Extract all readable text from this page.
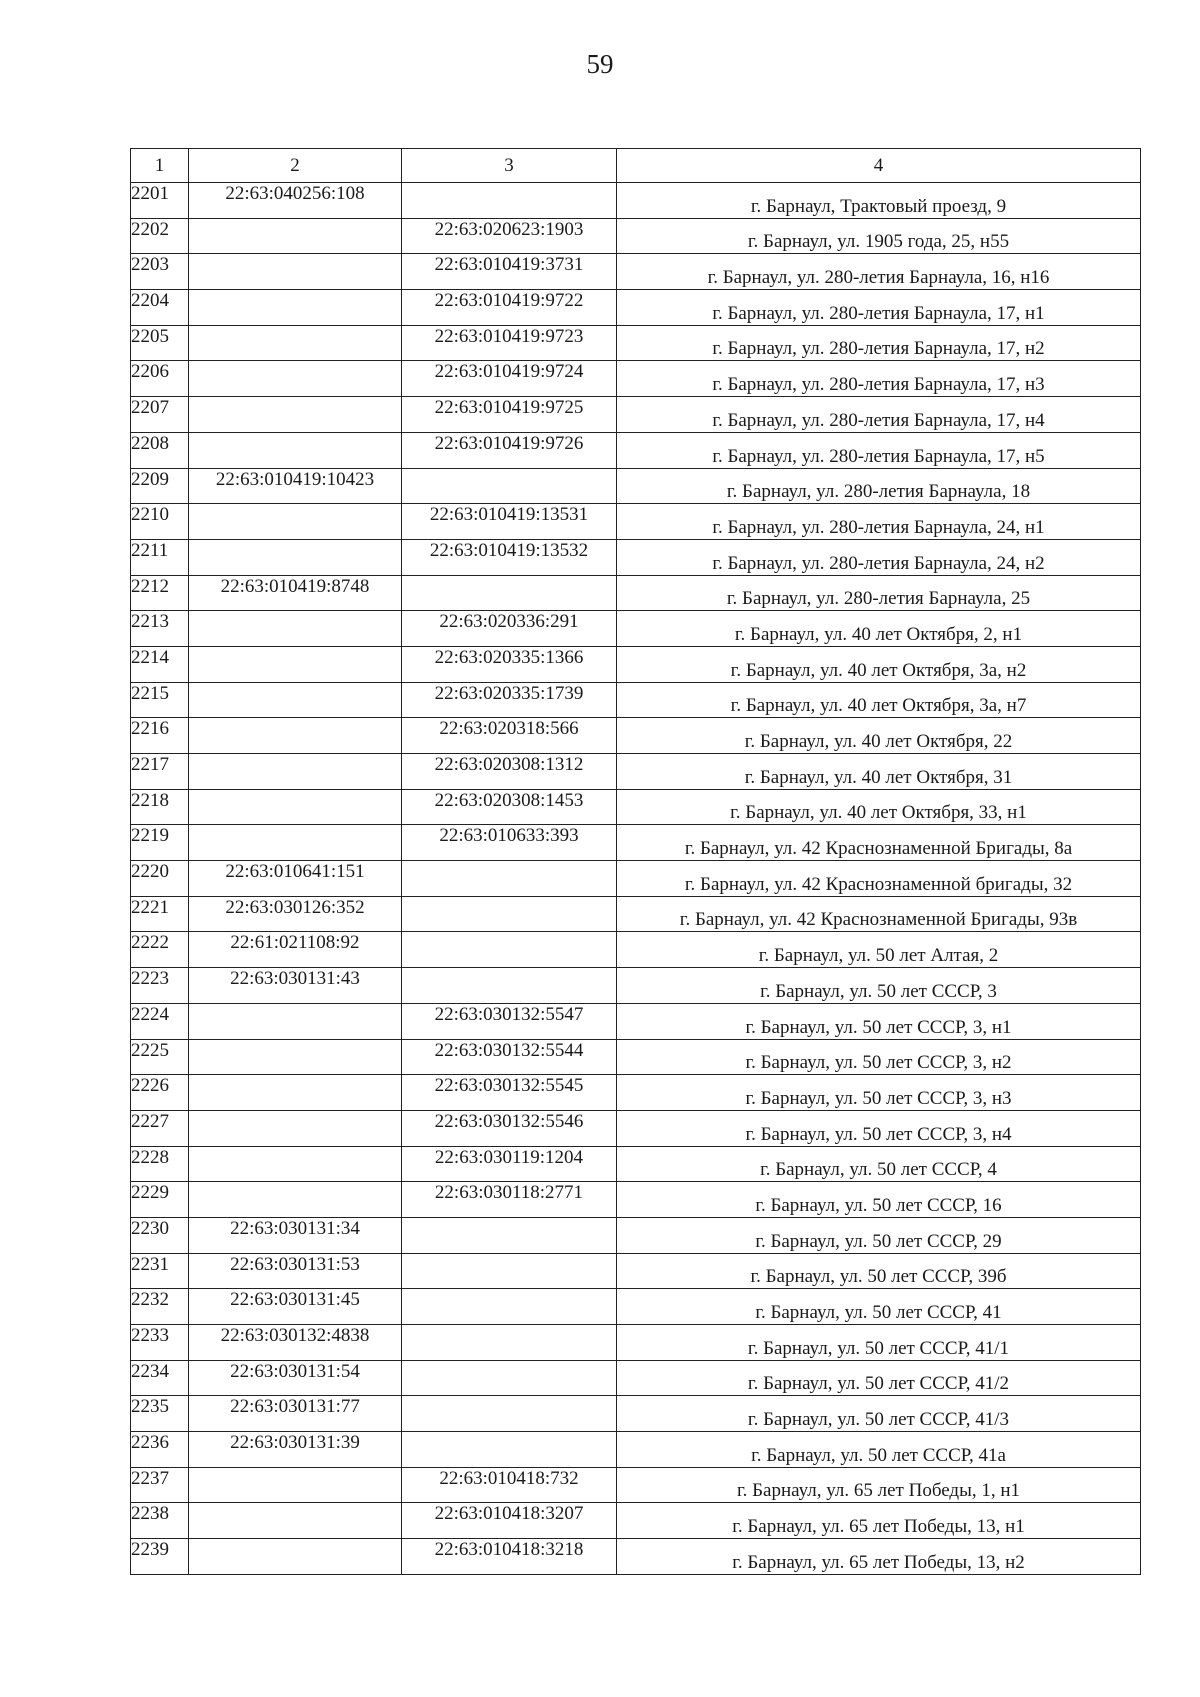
59
1	2	3	4
2201	22:63:040256:108		г. Барнаул, Трактовый проезд, 9
2202		22:63:020623:1903	г. Барнаул, ул. 1905 года, 25, н55
2203		22:63:010419:3731	г. Барнаул, ул. 280-летия Барнаула, 16, н16
2204		22:63:010419:9722	г. Барнаул, ул. 280-летия Барнаула, 17, н1
2205		22:63:010419:9723	г. Барнаул, ул. 280-летия Барнаула, 17, н2
2206		22:63:010419:9724	г. Барнаул, ул. 280-летия Барнаула, 17, н3
2207		22:63:010419:9725	г. Барнаул, ул. 280-летия Барнаула, 17, н4
2208		22:63:010419:9726	г. Барнаул, ул. 280-летия Барнаула, 17, н5
2209	22:63:010419:10423		г. Барнаул, ул. 280-летия Барнаула, 18
2210		22:63:010419:13531	г. Барнаул, ул. 280-летия Барнаула, 24, н1
2211		22:63:010419:13532	г. Барнаул, ул. 280-летия Барнаула, 24, н2
2212	22:63:010419:8748		г. Барнаул, ул. 280-летия Барнаула, 25
2213		22:63:020336:291	г. Барнаул, ул. 40 лет Октября, 2, н1
2214		22:63:020335:1366	г. Барнаул, ул. 40 лет Октября, 3а, н2
2215		22:63:020335:1739	г. Барнаул, ул. 40 лет Октября, 3а, н7
2216		22:63:020318:566	г. Барнаул, ул. 40 лет Октября, 22
2217		22:63:020308:1312	г. Барнаул, ул. 40 лет Октября, 31
2218		22:63:020308:1453	г. Барнаул, ул. 40 лет Октября, 33, н1
2219		22:63:010633:393	г. Барнаул, ул. 42 Краснознаменной Бригады, 8а
2220	22:63:010641:151		г. Барнаул, ул. 42 Краснознаменной бригады, 32
2221	22:63:030126:352		г. Барнаул, ул. 42 Краснознаменной Бригады, 93в
2222	22:61:021108:92		г. Барнаул, ул. 50 лет Алтая, 2
2223	22:63:030131:43		г. Барнаул, ул. 50 лет СССР, 3
2224		22:63:030132:5547	г. Барнаул, ул. 50 лет СССР, 3, н1
2225		22:63:030132:5544	г. Барнаул, ул. 50 лет СССР, 3, н2
2226		22:63:030132:5545	г. Барнаул, ул. 50 лет СССР, 3, н3
2227		22:63:030132:5546	г. Барнаул, ул. 50 лет СССР, 3, н4
2228		22:63:030119:1204	г. Барнаул, ул. 50 лет СССР, 4
2229		22:63:030118:2771	г. Барнаул, ул. 50 лет СССР, 16
2230	22:63:030131:34		г. Барнаул, ул. 50 лет СССР, 29
2231	22:63:030131:53		г. Барнаул, ул. 50 лет СССР, 39б
2232	22:63:030131:45		г. Барнаул, ул. 50 лет СССР, 41
2233	22:63:030132:4838		г. Барнаул, ул. 50 лет СССР, 41/1
2234	22:63:030131:54		г. Барнаул, ул. 50 лет СССР, 41/2
2235	22:63:030131:77		г. Барнаул, ул. 50 лет СССР, 41/3
2236	22:63:030131:39		г. Барнаул, ул. 50 лет СССР, 41а
2237		22:63:010418:732	г. Барнаул, ул. 65 лет Победы, 1, н1
2238		22:63:010418:3207	г. Барнаул, ул. 65 лет Победы, 13, н1
2239		22:63:010418:3218	г. Барнаул, ул. 65 лет Победы, 13, н2
